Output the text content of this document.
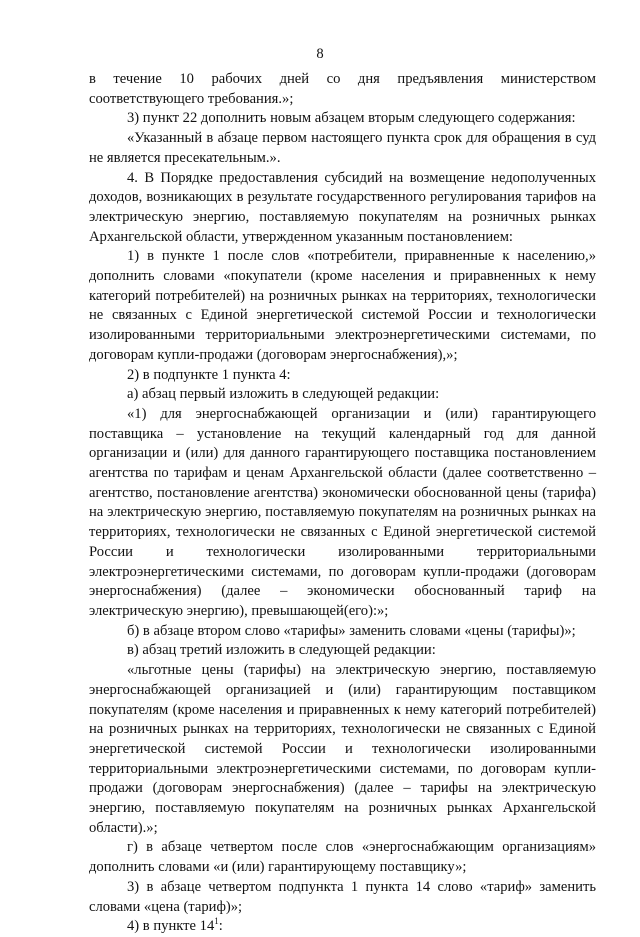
8

в течение 10 рабочих дней со дня предъявления министерством соответствующего требования.»;

3) пункт 22 дополнить новым абзацем вторым следующего содержания:

«Указанный в абзаце первом настоящего пункта срок для обращения в суд не является пресекательным.».

4. В Порядке предоставления субсидий на возмещение недополученных доходов, возникающих в результате государственного регулирования тарифов на электрическую энергию, поставляемую покупателям на розничных рынках Архангельской области, утвержденном указанным постановлением:

1) в пункте 1 после слов «потребители, приравненные к населению,» дополнить словами «покупатели (кроме населения и приравненных к нему категорий потребителей) на розничных рынках на территориях, технологически не связанных с Единой энергетической системой России и технологически изолированными территориальными электроэнергетическими системами, по договорам купли-продажи (договорам энергоснабжения),»;

2) в подпункте 1 пункта 4:

а) абзац первый изложить в следующей редакции:

«1) для энергоснабжающей организации и (или) гарантирующего поставщика – установление на текущий календарный год для данной организации и (или) для данного гарантирующего поставщика постановлением агентства по тарифам и ценам Архангельской области (далее соответственно – агентство, постановление агентства) экономически обоснованной цены (тарифа) на электрическую энергию, поставляемую покупателям на розничных рынках на территориях, технологически не связанных с Единой энергетической системой России и технологически изолированными территориальными электроэнергетическими системами, по договорам купли-продажи (договорам энергоснабжения) (далее – экономически обоснованный тариф на электрическую энергию), превышающей(его):»;

б) в абзаце втором слово «тарифы» заменить словами «цены (тарифы)»;

в) абзац третий изложить в следующей редакции:

«льготные цены (тарифы) на электрическую энергию, поставляемую энергоснабжающей организацией и (или) гарантирующим поставщиком покупателям (кроме населения и приравненных к нему категорий потребителей) на розничных рынках на территориях, технологически не связанных с Единой энергетической системой России и технологически изолированными территориальными электроэнергетическими системами, по договорам купли-продажи (договорам энергоснабжения) (далее – тарифы на электрическую энергию, поставляемую покупателям на розничных рынках Архангельской области).»;

г) в абзаце четвертом после слов «энергоснабжающим организациям» дополнить словами «и (или) гарантирующему поставщику»;

3) в абзаце четвертом подпункта 1 пункта 14 слово «тариф» заменить словами «цена (тариф)»;

4) в пункте $14^1$:
